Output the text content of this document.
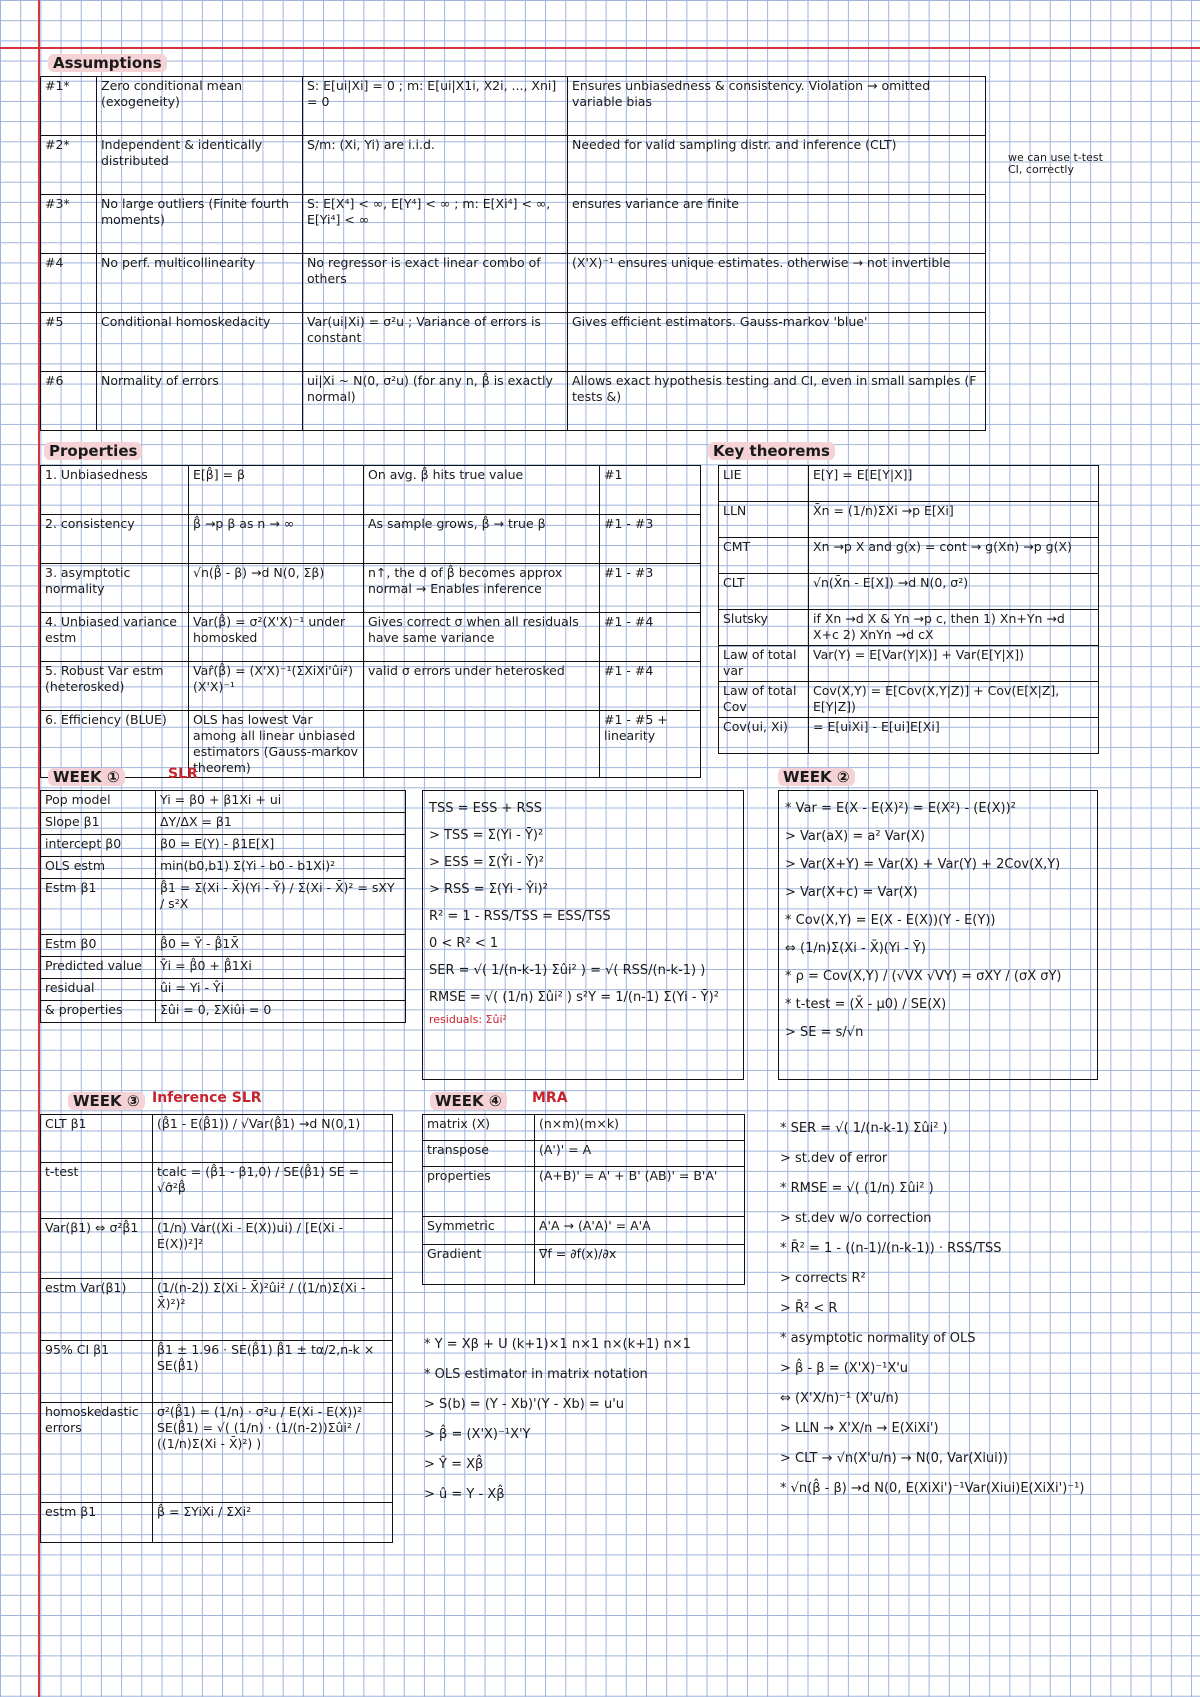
Assumptions
#1*	Zero conditional mean (exogeneity)	S: E[ui|Xi] = 0 ; m: E[ui|X1i, X2i, ..., Xni] = 0	Ensures unbiasedness & consistency. Violation → omitted variable bias
#2*	Independent & identically distributed	S/m: (Xi, Yi) are i.i.d.	Needed for valid sampling distr. and inference (CLT)
#3*	No large outliers (Finite fourth moments)	S: E[X⁴] < ∞, E[Y⁴] < ∞ ; m: E[Xi⁴] < ∞, E[Yi⁴] < ∞	ensures variance are finite
#4	No perf. multicollinearity	No regressor is exact linear combo of others	(X'X)⁻¹ ensures unique estimates. otherwise → not invertible
#5	Conditional homoskedacity	Var(ui|Xi) = σ²u ; Variance of errors is constant	Gives efficient estimators. Gauss-markov 'blue'
#6	Normality of errors	ui|Xi ~ N(0, σ²u) (for any n, β̂ is exactly normal)	Allows exact hypothesis testing and CI, even in small samples (F tests &)
we can use t-test CI, correctly
Properties
1. Unbiasedness	E[β̂] = β	On avg. β̂ hits true value	#1
2. consistency	β̂ →p β as n → ∞	As sample grows, β̂ → true β	#1 - #3
3. asymptotic normality	√n(β̂ - β) →d N(0, Σβ)	n↑, the d of β̂ becomes approx normal → Enables inference	#1 - #3
4. Unbiased variance estm	Var(β̂) = σ²(X'X)⁻¹ under homosked	Gives correct σ when all residuals have same variance	#1 - #4
5. Robust Var estm (heterosked)	Var̂(β̂) = (X'X)⁻¹(ΣXiXi'ûi²)(X'X)⁻¹	valid σ errors under heterosked	#1 - #4
6. Efficiency (BLUE)	OLS has lowest Var among all linear unbiased estimators (Gauss-markov theorem)		#1 - #5 + linearity
Key theorems
LIE	E[Y] = E[E[Y|X]]
LLN	X̄n = (1/n)ΣXi →p E[Xi]
CMT	Xn →p X and g(x) = cont → g(Xn) →p g(X)
CLT	√n(X̄n - E[X]) →d N(0, σ²)
Slutsky	if Xn →d X & Yn →p c, then 1) Xn+Yn →d X+c 2) XnYn →d cX
Law of total var	Var(Y) = E[Var(Y|X)] + Var(E[Y|X])
Law of total Cov	Cov(X,Y) = E[Cov(X,Y|Z)] + Cov(E[X|Z], E[Y|Z])
Cov(ui, Xi)	= E[uiXi] - E[ui]E[Xi]
WEEK ①	SLR
Pop model	Yi = β0 + β1Xi + ui
Slope β1	ΔY/ΔX = β1
intercept β0	β0 = E(Y) - β1E[X]
OLS estm	min(b0,b1) Σ(Yi - b0 - b1Xi)²
Estm β1	β̂1 = Σ(Xi - X̄)(Yi - Ȳ) / Σ(Xi - X̄)² = sXY / s²X
Estm β0	β̂0 = Ȳ - β̂1X̄
Predicted value	Ŷi = β̂0 + β̂1Xi
residual	ûi = Yi - Ŷi
& properties	Σûi = 0, ΣXiûi = 0
TSS = ESS + RSS
> TSS = Σ(Yi - Ȳ)²
> ESS = Σ(Ŷi - Ȳ)²
> RSS = Σ(Yi - Ŷi)²
R² = 1 - RSS/TSS = ESS/TSS
0 < R² < 1
SER = √( 1/(n-k-1) Σûi² ) = √( RSS/(n-k-1) )
RMSE = √( (1/n) Σûi² ) s²Y = 1/(n-1) Σ(Yi - Ȳ)²
residuals: Σûi²
WEEK ②
* Var = E(X - E(X)²) = E(X²) - (E(X))²
> Var(aX) = a² Var(X)
> Var(X+Y) = Var(X) + Var(Y) + 2Cov(X,Y)
> Var(X+c) = Var(X)
* Cov(X,Y) = E(X - E(X))(Y - E(Y))
⇔ (1/n)Σ(Xi - X̄)(Yi - Ȳ)
* ρ = Cov(X,Y) / (√VX √VY) = σXY / (σX σY)
* t-test = (X̄ - μ0) / SE(X)
> SE = s/√n
WEEK ③ Inference SLR
CLT β1	(β̂1 - E(β̂1)) / √Var(β̂1) →d N(0,1)
t-test	tcalc = (β̂1 - β1,0) / SE(β̂1) SE = √σ̂²β̂
Var(β1) ⇔ σ²β̂1	(1/n) Var((Xi - E(X))ui) / [E(Xi - E(X))²]²
estm Var(β1)	(1/(n-2)) Σ(Xi - X̄)²ûi² / ((1/n)Σ(Xi - X̄)²)²
95% CI β1	β̂1 ± 1.96 · SE(β̂1) β̂1 ± tα/2,n-k × SE(β̂1)
homoskedastic errors	σ²(β̂1) = (1/n) · σ²u / E(Xi - E(X))² SE(β̂1) = √( (1/n) · (1/(n-2))Σûi² / ((1/n)Σ(Xi - X̄)²) )
estm β1	β̂ = ΣYiXi / ΣXi²
WEEK ④	MRA
matrix (X)	(n×m)(m×k)
transpose	(A')' = A
properties	(A+B)' = A' + B' (AB)' = B'A'
Symmetric	A'A → (A'A)' = A'A
Gradient	∇f = ∂f(x)/∂x
* Y = Xβ + U (k+1)×1 n×1 n×(k+1) n×1
* OLS estimator in matrix notation
> S(b) = (Y - Xb)'(Y - Xb) = u'u
> β̂ = (X'X)⁻¹X'Y
> Ŷ = Xβ̂
> û = Y - Xβ̂
* SER = √( 1/(n-k-1) Σûi² )
> st.dev of error
* RMSE = √( (1/n) Σûi² )
> st.dev w/o correction
* R̄² = 1 - ((n-1)/(n-k-1)) · RSS/TSS
> corrects R²
> R̄² < R
* asymptotic normality of OLS
> β̂ - β = (X'X)⁻¹X'u
⇔ (X'X/n)⁻¹ (X'u/n)
> LLN → X'X/n → E(XiXi')
> CLT → √n(X'u/n) → N(0, Var(Xiui))
* √n(β̂ - β) →d N(0, E(XiXi')⁻¹Var(Xiui)E(XiXi')⁻¹)
